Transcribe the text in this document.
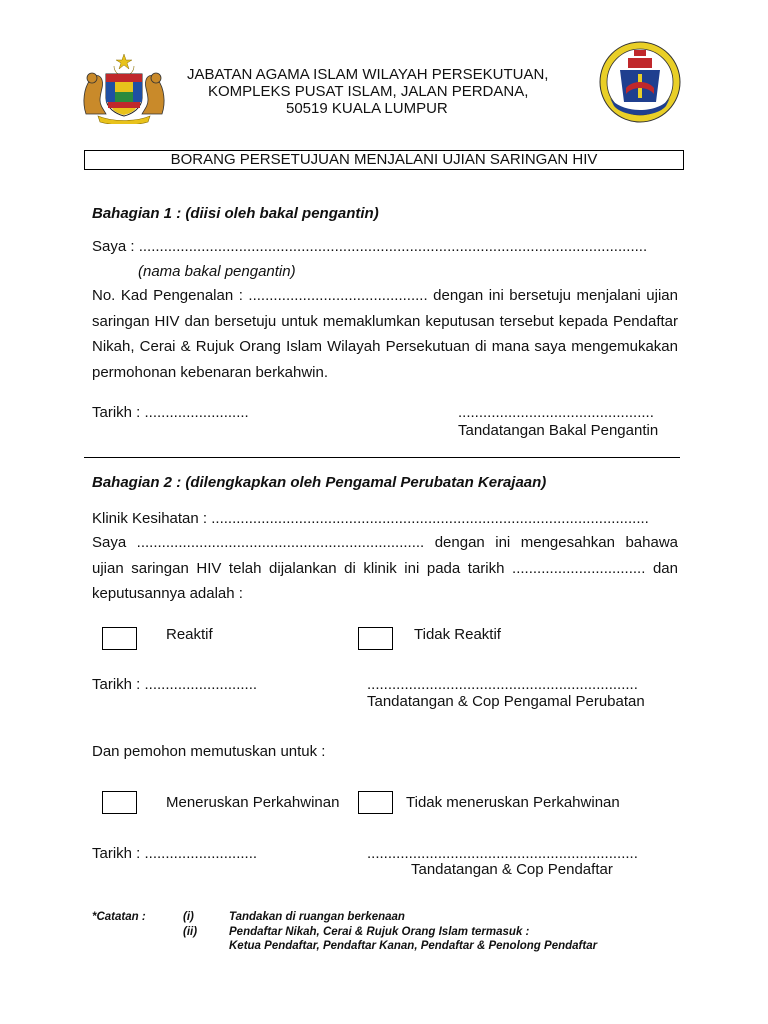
JABATAN AGAMA ISLAM WILAYAH PERSEKUTUAN,
KOMPLEKS PUSAT ISLAM, JALAN PERDANA,
50519 KUALA LUMPUR
BORANG PERSETUJUAN MENJALANI UJIAN SARINGAN HIV
Bahagian 1 : (diisi oleh bakal pengantin)
Saya : ..........................................................................................................................
(nama bakal pengantin)
No. Kad Pengenalan : ........................................... dengan ini bersetuju menjalani ujian saringan HIV dan bersetuju untuk memaklumkan keputusan tersebut kepada Pendaftar Nikah, Cerai & Rujuk Orang Islam Wilayah Persekutuan di mana saya mengemukakan permohonan kebenaran berkahwin.
Tarikh : .........................	...............................................
Tandatangan Bakal Pengantin
Bahagian 2 : (dilengkapkan oleh Pengamal Perubatan Kerajaan)
Klinik Kesihatan : .........................................................................................................
Saya ..................................................................... dengan ini mengesahkan bahawa ujian saringan HIV telah dijalankan di klinik ini pada tarikh ................................ dan keputusannya adalah :
Reaktif	Tidak Reaktif
Tarikh : ...........................	.................................................................
Tandatangan & Cop Pengamal Perubatan
Dan pemohon memutuskan untuk :
Meneruskan Perkahwinan	Tidak meneruskan Perkahwinan
Tarikh : ...........................	.................................................................
Tandatangan & Cop Pendaftar
*Catatan :	(i)	Tandakan di ruangan berkenaan
(ii)	Pendaftar Nikah, Cerai & Rujuk Orang Islam termasuk :
Ketua Pendaftar, Pendaftar Kanan, Pendaftar & Penolong Pendaftar
